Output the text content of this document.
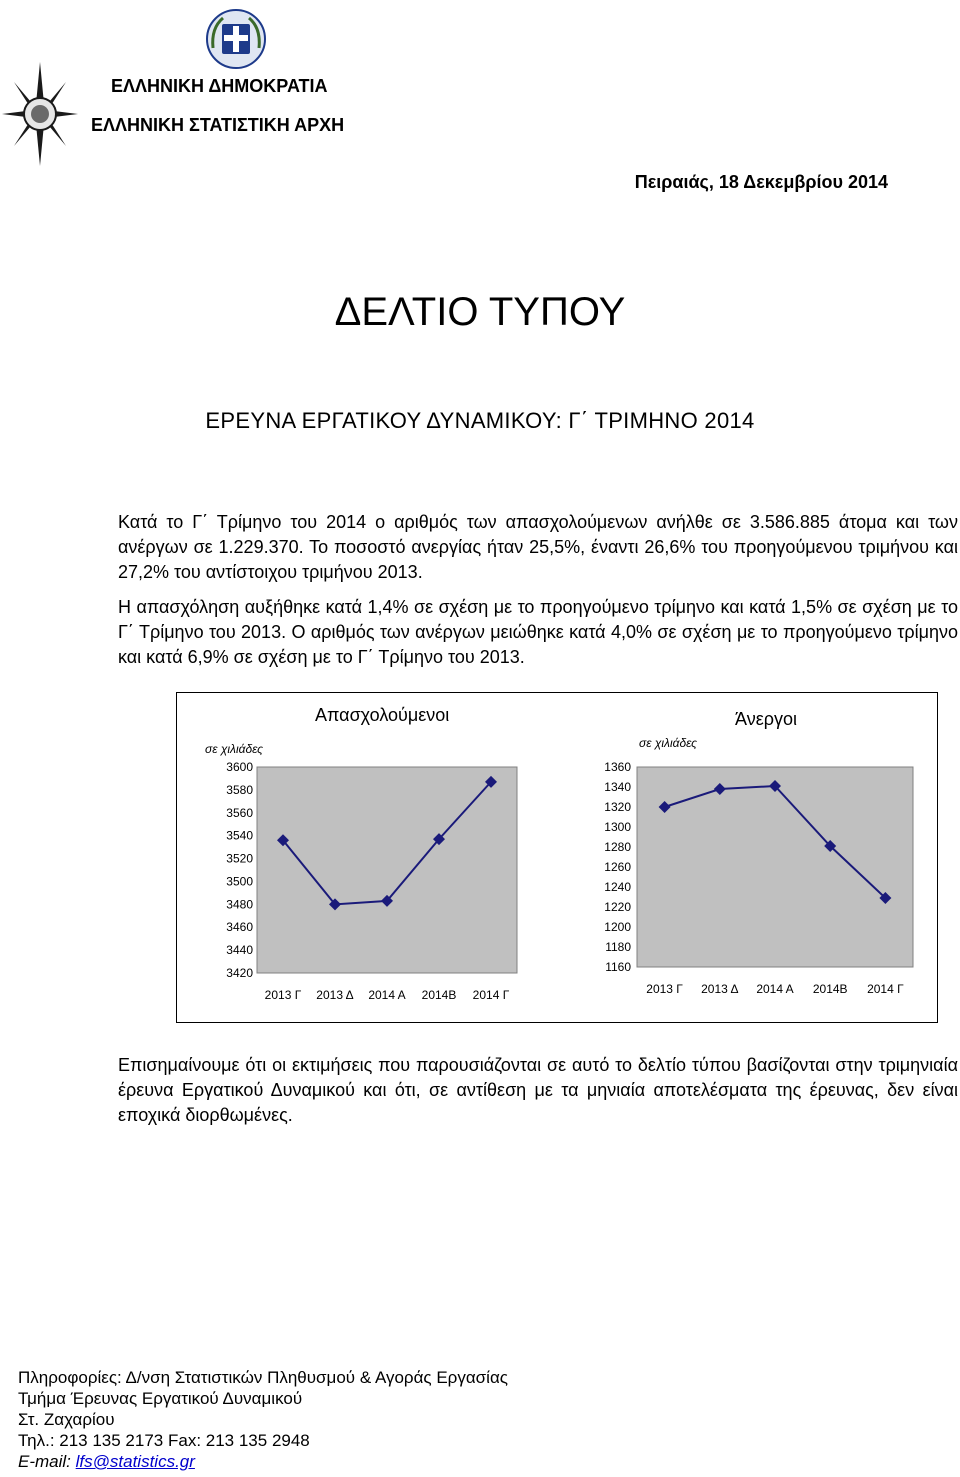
ΕΛΛΗΝΙΚΗ ΔΗΜΟΚΡΑΤΙΑ
ΕΛΛΗΝΙΚΗ ΣΤΑΤΙΣΤΙΚΗ ΑΡΧΗ
Πειραιάς, 18 Δεκεμβρίου 2014
ΔΕΛΤΙΟ ΤΥΠΟΥ
ΕΡΕΥΝΑ ΕΡΓΑΤΙΚΟΥ ΔΥΝΑΜΙΚΟΥ: Γ΄ ΤΡΙΜΗΝΟ 2014
Κατά το Γ΄ Τρίμηνο του 2014 ο αριθμός των απασχολούμενων ανήλθε σε 3.586.885 άτομα και των ανέργων σε 1.229.370. Το ποσοστό ανεργίας ήταν 25,5%, έναντι 26,6% του προηγούμενου τριμήνου και 27,2% του αντίστοιχου τριμήνου 2013.
Η απασχόληση αυξήθηκε κατά 1,4% σε σχέση με το προηγούμενο τρίμηνο και κατά 1,5% σε σχέση με το Γ΄ Τρίμηνο του 2013. Ο αριθμός των ανέργων μειώθηκε κατά 4,0% σε σχέση με το προηγούμενο τρίμηνο και κατά 6,9% σε σχέση με το Γ΄ Τρίμηνο του 2013.
Απασχολούμενοι
σε χιλιάδες
3600
3580
3560
3540
3520
3500
3480
3460
3440
3420
2013 Γ 2013 Δ 2014 Α 2014Β 2014 Γ
Άνεργοι
σε χιλιάδες
1360
1340
1320
1300
1280
1260
1240
1220
1200
1180
1160
2013 Γ 2013 Δ 2014 Α 2014Β 2014 Γ
Επισημαίνουμε ότι οι εκτιμήσεις που παρουσιάζονται σε αυτό το δελτίο τύπου βασίζονται στην τριμηνιαία έρευνα Εργατικού Δυναμικού και ότι, σε αντίθεση με τα μηνιαία αποτελέσματα της έρευνας, δεν είναι εποχικά διορθωμένες.
Πληροφορίες: Δ/νση Στατιστικών Πληθυσμού & Αγοράς Εργασίας
Τμήμα Έρευνας Εργατικού Δυναμικού
Στ. Ζαχαρίου
Τηλ.: 213 135 2173 Fax: 213 135 2948
E-mail: lfs@statistics.gr
